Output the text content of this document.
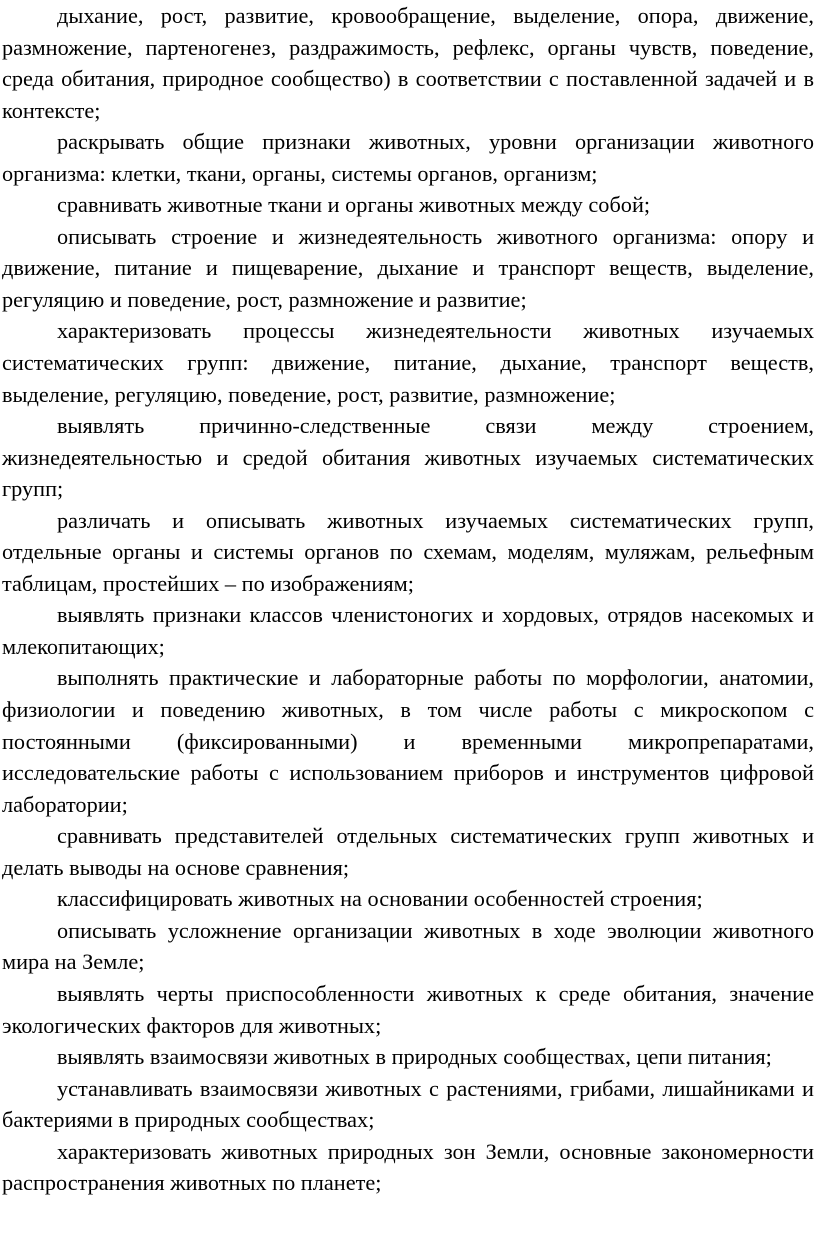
дыхание, рост, развитие, кровообращение, выделение, опора, движение, размножение, партеногенез, раздражимость, рефлекс, органы чувств, поведение, среда обитания, природное сообщество) в соответствии с поставленной задачей и в контексте;

раскрывать общие признаки животных, уровни организации животного организма: клетки, ткани, органы, системы органов, организм;

сравнивать животные ткани и органы животных между собой;

описывать строение и жизнедеятельность животного организма: опору и движение, питание и пищеварение, дыхание и транспорт веществ, выделение, регуляцию и поведение, рост, размножение и развитие;

характеризовать процессы жизнедеятельности животных изучаемых систематических групп: движение, питание, дыхание, транспорт веществ, выделение, регуляцию, поведение, рост, развитие, размножение;

выявлять причинно-следственные связи между строением, жизнедеятельностью и средой обитания животных изучаемых систематических групп;

различать и описывать животных изучаемых систематических групп, отдельные органы и системы органов по схемам, моделям, муляжам, рельефным таблицам, простейших – по изображениям;

выявлять признаки классов членистоногих и хордовых, отрядов насекомых и млекопитающих;

выполнять практические и лабораторные работы по морфологии, анатомии, физиологии и поведению животных, в том числе работы с микроскопом с постоянными (фиксированными) и временными микропрепаратами, исследовательские работы с использованием приборов и инструментов цифровой лаборатории;

сравнивать представителей отдельных систематических групп животных и делать выводы на основе сравнения;

классифицировать животных на основании особенностей строения;

описывать усложнение организации животных в ходе эволюции животного мира на Земле;

выявлять черты приспособленности животных к среде обитания, значение экологических факторов для животных;

выявлять взаимосвязи животных в природных сообществах, цепи питания;

устанавливать взаимосвязи животных с растениями, грибами, лишайниками и бактериями в природных сообществах;

характеризовать животных природных зон Земли, основные закономерности распространения животных по планете;
